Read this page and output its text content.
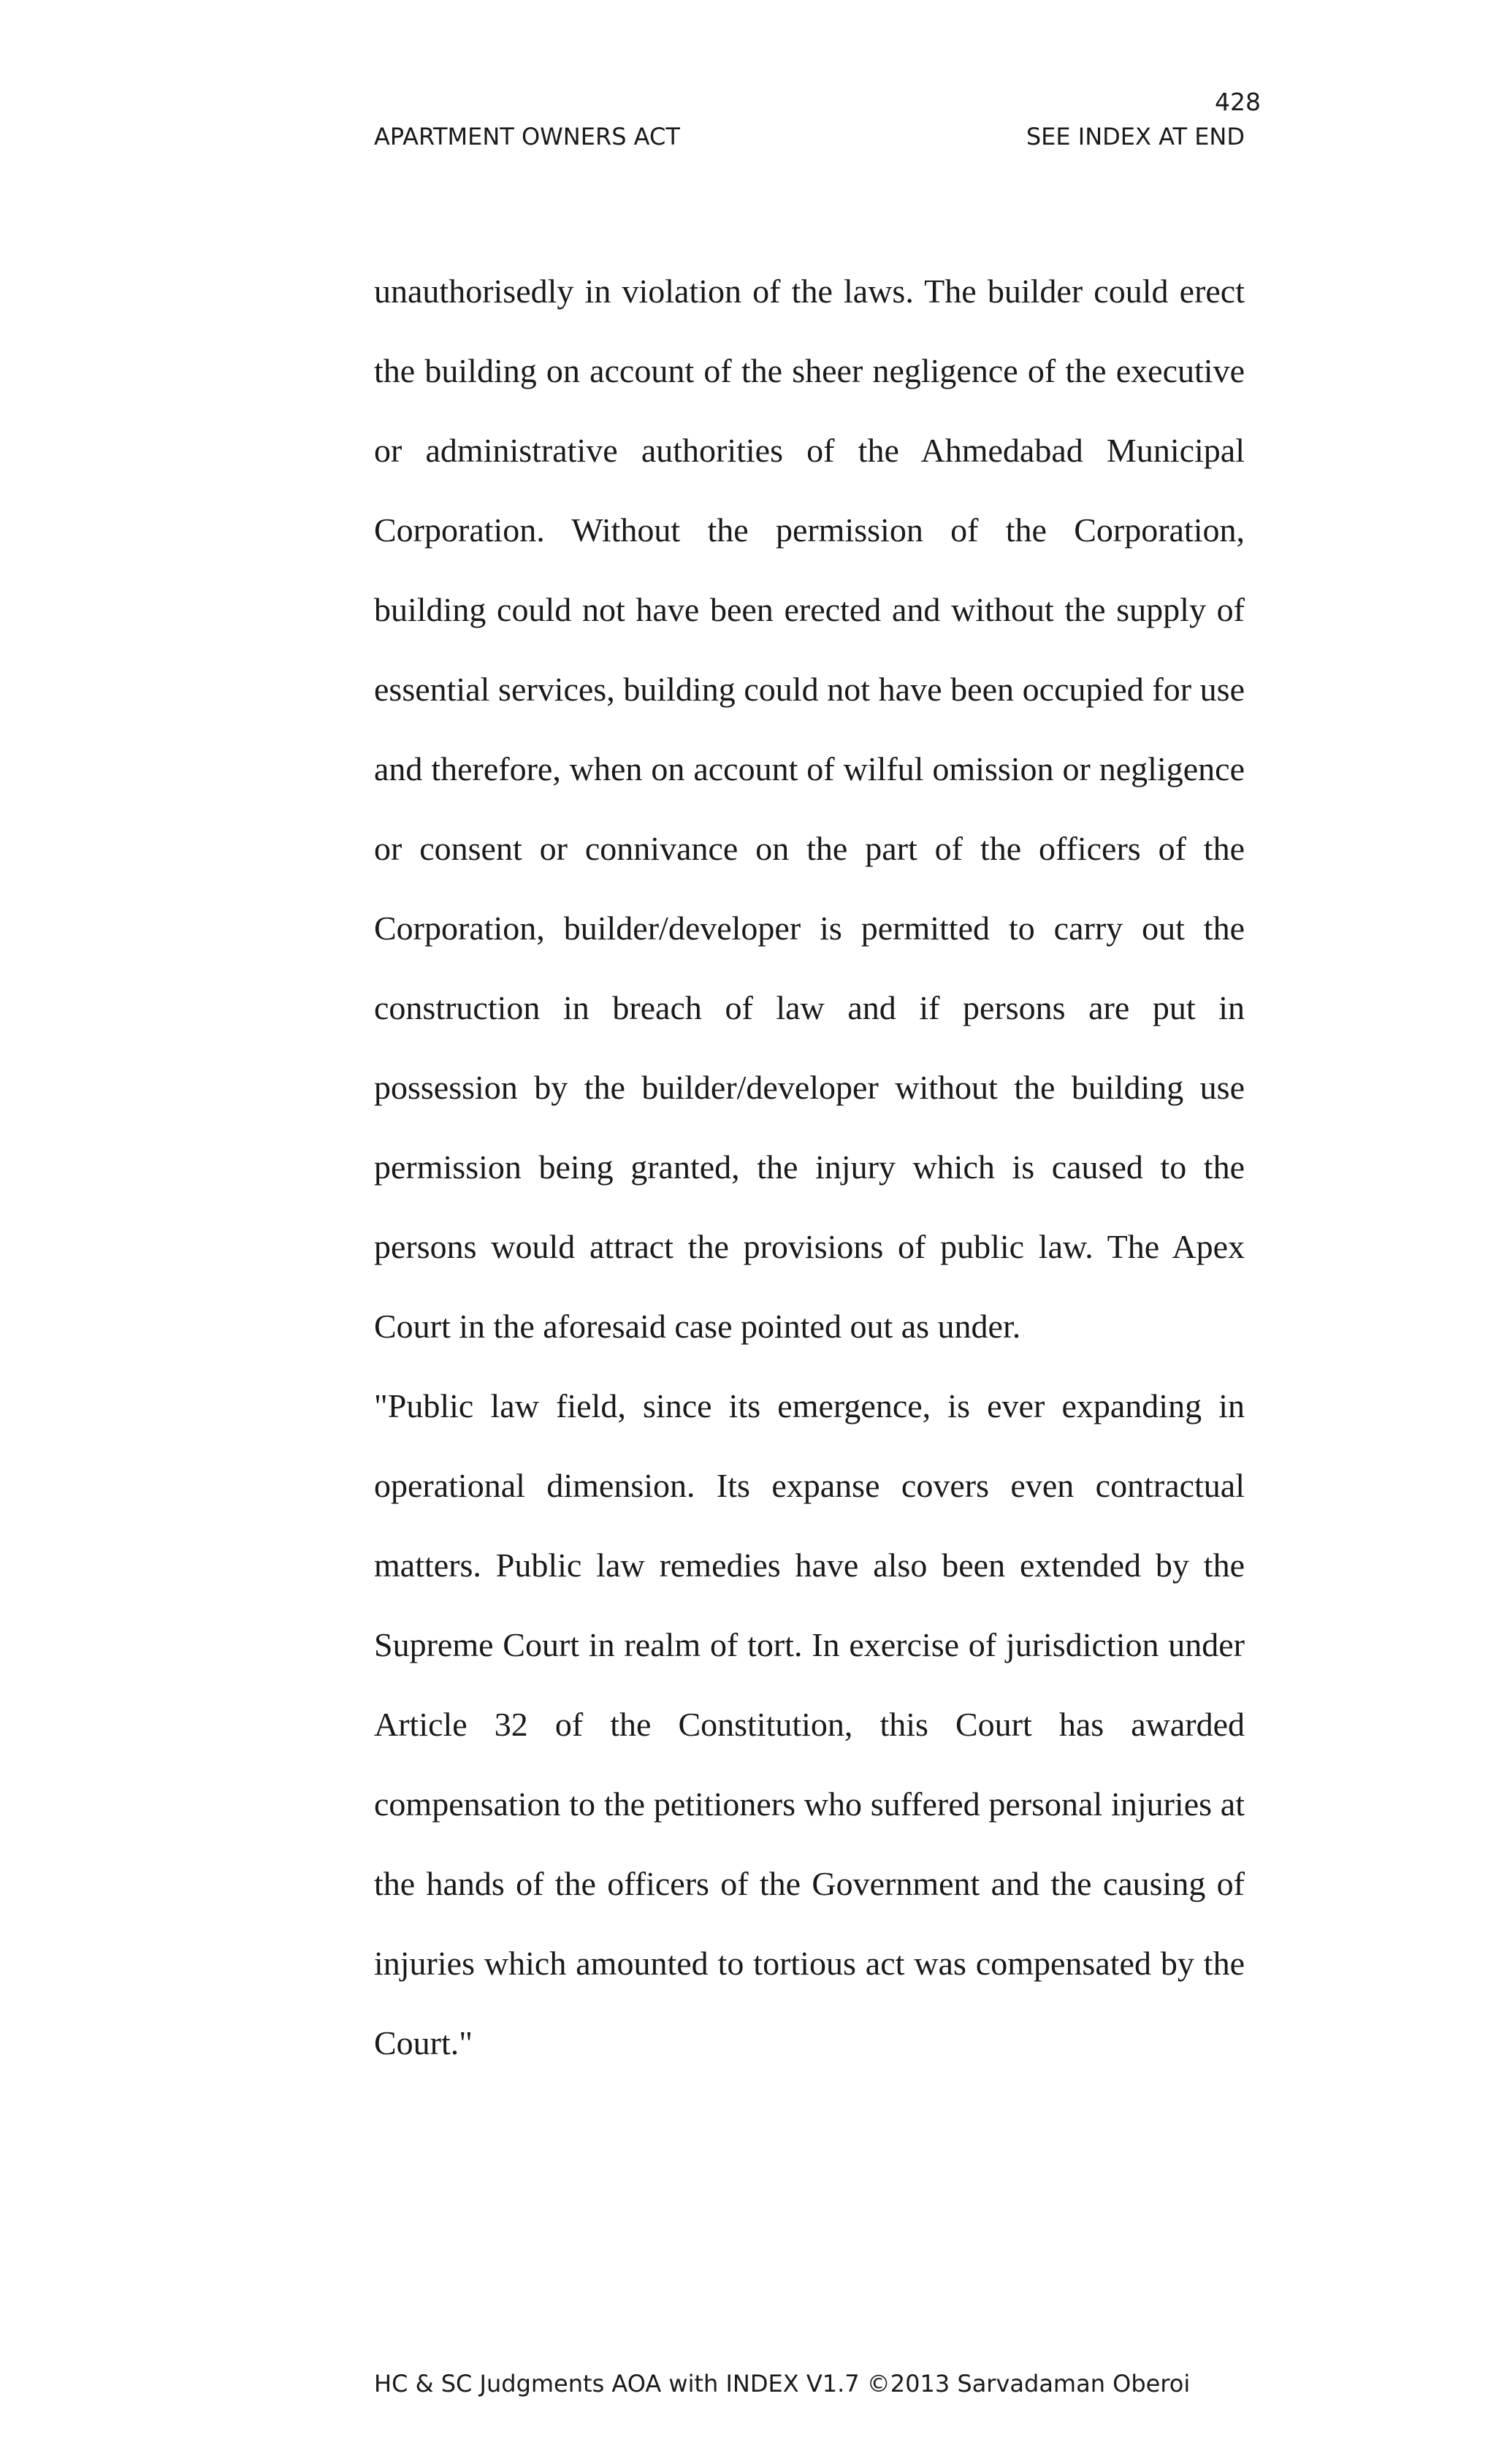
428
APARTMENT OWNERS ACT	SEE INDEX AT END

unauthorisedly in violation of the laws. The builder could erect the building on account of the sheer negligence of the executive or administrative authorities of the Ahmedabad Municipal Corporation. Without the permission of the Corporation, building could not have been erected and without the supply of essential services, building could not have been occupied for use and therefore, when on account of wilful omission or negligence or consent or connivance on the part of the officers of the Corporation, builder/developer is permitted to carry out the construction in breach of law and if persons are put in possession by the builder/developer without the building use permission being granted, the injury which is caused to the persons would attract the provisions of public law. The Apex Court in the aforesaid case pointed out as under.

"Public law field, since its emergence, is ever expanding in operational dimension. Its expanse covers even contractual matters. Public law remedies have also been extended by the Supreme Court in realm of tort. In exercise of jurisdiction under Article 32 of the Constitution, this Court has awarded compensation to the petitioners who suffered personal injuries at the hands of the officers of the Government and the causing of injuries which amounted to tortious act was compensated by the Court."

HC & SC Judgments AOA with INDEX V1.7 ©2013 Sarvadaman Oberoi
